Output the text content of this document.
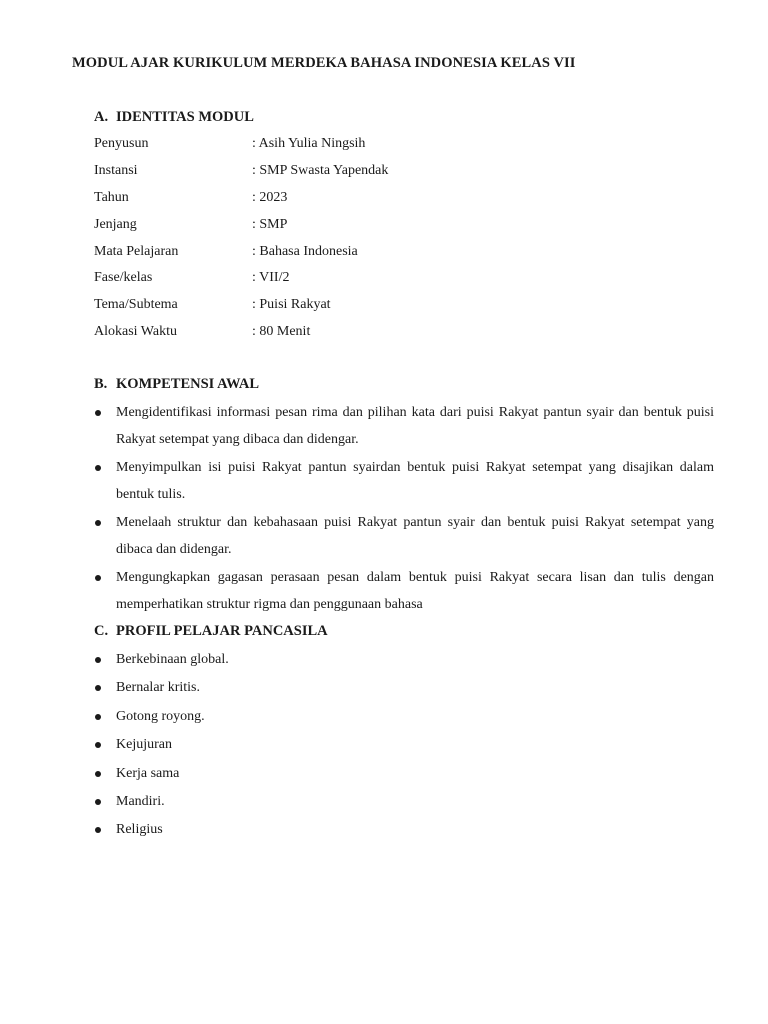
MODUL AJAR KURIKULUM MERDEKA BAHASA INDONESIA KELAS VII
A. IDENTITAS MODUL
Penyusun	: Asih Yulia Ningsih
Instansi	: SMP Swasta Yapendak
Tahun	: 2023
Jenjang	: SMP
Mata Pelajaran	: Bahasa Indonesia
Fase/kelas	: VII/2
Tema/Subtema	: Puisi Rakyat
Alokasi Waktu	: 80 Menit
B. KOMPETENSI AWAL
Mengidentifikasi informasi pesan rima dan pilihan kata dari puisi Rakyat pantun syair dan bentuk puisi Rakyat setempat yang dibaca dan didengar.
Menyimpulkan isi puisi Rakyat pantun syairdan bentuk puisi Rakyat setempat yang disajikan dalam bentuk tulis.
Menelaah struktur dan kebahasaan puisi Rakyat pantun syair dan bentuk puisi Rakyat setempat yang dibaca dan didengar.
Mengungkapkan gagasan perasaan pesan dalam bentuk puisi Rakyat secara lisan dan tulis dengan memperhatikan struktur rigma dan penggunaan bahasa
C. PROFIL PELAJAR PANCASILA
Berkebinaan global.
Bernalar kritis.
Gotong royong.
Kejujuran
Kerja sama
Mandiri.
Religius
